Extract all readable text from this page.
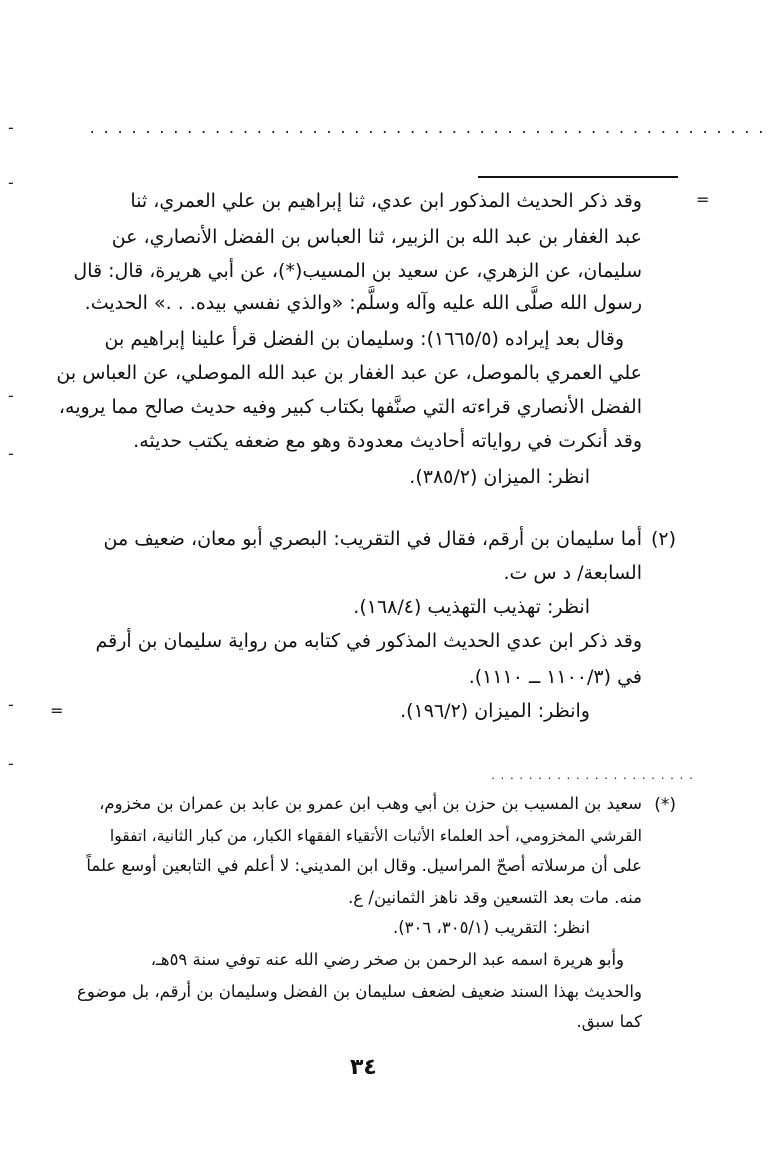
.................................................
-
-
-
-
-
-
=
=
وقد ذكر الحديث المذكور ابن عدي، ثنا إبراهيم بن علي العمري، ثنا
عبد الغفار بن عبد الله بن الزبير، ثنا العباس بن الفضل الأنصاري، عن
سليمان، عن الزهري، عن سعيد بن المسيب(*)، عن أبي هريرة، قال: قال
رسول الله صلَّى الله عليه وآله وسلَّم: «والذي نفسي بيده. . .» الحديث.
وقال بعد إيراده (١٦٦٥/٥): وسليمان بن الفضل قرأ علينا إبراهيم بن
علي العمري بالموصل، عن عبد الغفار بن عبد الله الموصلي، عن العباس بن
الفضل الأنصاري قراءته التي صنَّفها بكتاب كبير وفيه حديث صالح مما يرويه،
وقد أنكرت في رواياته أحاديث معدودة وهو مع ضعفه يكتب حديثه.
انظر: الميزان (٣٨٥/٢).
(٢)
أما سليمان بن أرقم، فقال في التقريب: البصري أبو معان، ضعيف من
السابعة/ د س ت.
انظر: تهذيب التهذيب (١٦٨/٤).
وقد ذكر ابن عدي الحديث المذكور في كتابه من رواية سليمان بن أرقم
في (١١٠٠/٣ ــ ١١١٠).
وانظر: الميزان (١٩٦/٢).
......................
(*)
سعيد بن المسيب بن حزن بن أبي وهب ابن عمرو بن عابد بن عمران بن مخزوم،
القرشي المخزومي، أحد العلماء الأثبات الأتقياء الفقهاء الكبار، من كبار الثانية، اتفقوا
على أن مرسلاته أصحّ المراسيل. وقال ابن المديني: لا أعلم في التابعين أوسع علماً
منه. مات بعد التسعين وقد ناهز الثمانين/ ع.
انظر: التقريب (٣٠٥/١، ٣٠٦).
وأبو هريرة اسمه عبد الرحمن بن صخر رضي الله عنه توفي سنة ٥٩هـ،
والحديث بهذا السند ضعيف لضعف سليمان بن الفضل وسليمان بن أرقم، بل موضوع
كما سبق.
٣٤
